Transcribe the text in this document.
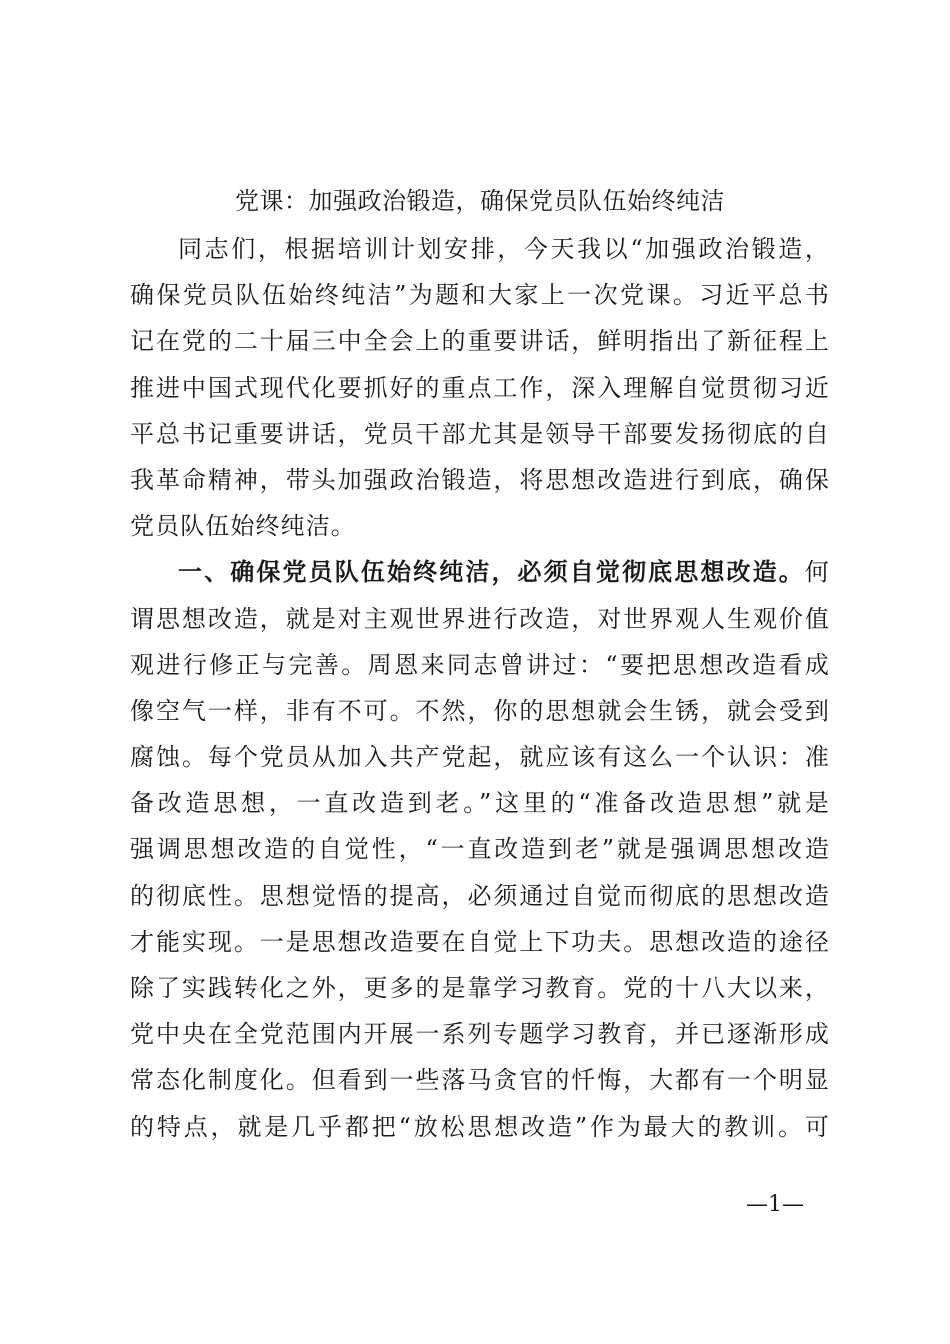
党课：加强政治锻造，确保党员队伍始终纯洁
同志们，根据培训计划安排，今天我以“加强政治锻造，
确保党员队伍始终纯洁”为题和大家上一次党课。习近平总书
记在党的二十届三中全会上的重要讲话，鲜明指出了新征程上
推进中国式现代化要抓好的重点工作，深入理解自觉贯彻习近
平总书记重要讲话，党员干部尤其是领导干部要发扬彻底的自
我革命精神，带头加强政治锻造，将思想改造进行到底，确保
党员队伍始终纯洁。
一、确保党员队伍始终纯洁，必须自觉彻底思想改造。何
谓思想改造，就是对主观世界进行改造，对世界观人生观价值
观进行修正与完善。周恩来同志曾讲过：“要把思想改造看成
像空气一样，非有不可。不然，你的思想就会生锈，就会受到
腐蚀。每个党员从加入共产党起，就应该有这么一个认识：准
备改造思想，一直改造到老。”这里的“准备改造思想”就是
强调思想改造的自觉性，“一直改造到老”就是强调思想改造
的彻底性。思想觉悟的提高，必须通过自觉而彻底的思想改造
才能实现。一是思想改造要在自觉上下功夫。思想改造的途径
除了实践转化之外，更多的是靠学习教育。党的十八大以来，
党中央在全党范围内开展一系列专题学习教育，并已逐渐形成
常态化制度化。但看到一些落马贪官的忏悔，大都有一个明显
的特点，就是几乎都把“放松思想改造”作为最大的教训。可
—1—
